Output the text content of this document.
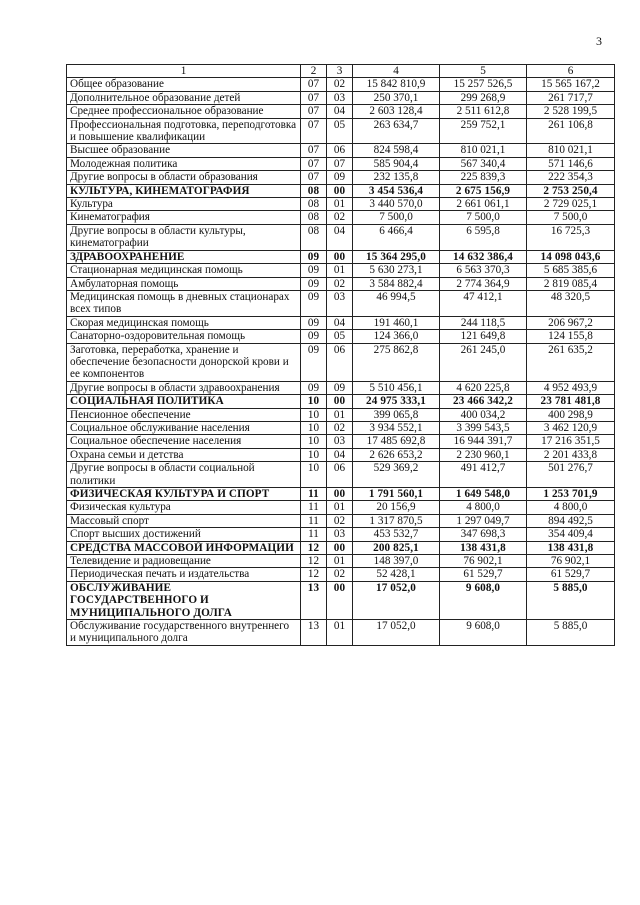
3
1	2	3	4	5	6
Общее образование	07	02	15 842 810,9	15 257 526,5	15 565 167,2
Дополнительное образование детей	07	03	250 370,1	299 268,9	261 717,7
Среднее профессиональное образование	07	04	2 603 128,4	2 511 612,8	2 528 199,5
Профессиональная подготовка, переподготовка и повышение квалификации	07	05	263 634,7	259 752,1	261 106,8
Высшее образование	07	06	824 598,4	810 021,1	810 021,1
Молодежная политика	07	07	585 904,4	567 340,4	571 146,6
Другие вопросы в области образования	07	09	232 135,8	225 839,3	222 354,3
КУЛЬТУРА, КИНЕМАТОГРАФИЯ	08	00	3 454 536,4	2 675 156,9	2 753 250,4
Культура	08	01	3 440 570,0	2 661 061,1	2 729 025,1
Кинематография	08	02	7 500,0	7 500,0	7 500,0
Другие вопросы в области культуры, кинематографии	08	04	6 466,4	6 595,8	16 725,3
ЗДРАВООХРАНЕНИЕ	09	00	15 364 295,0	14 632 386,4	14 098 043,6
Стационарная медицинская помощь	09	01	5 630 273,1	6 563 370,3	5 685 385,6
Амбулаторная помощь	09	02	3 584 882,4	2 774 364,9	2 819 085,4
Медицинская помощь в дневных стационарах всех типов	09	03	46 994,5	47 412,1	48 320,5
Скорая медицинская помощь	09	04	191 460,1	244 118,5	206 967,2
Санаторно-оздоровительная помощь	09	05	124 366,0	121 649,8	124 155,8
Заготовка, переработка, хранение и обеспечение безопасности донорской крови и ее компонентов	09	06	275 862,8	261 245,0	261 635,2
Другие вопросы в области здравоохранения	09	09	5 510 456,1	4 620 225,8	4 952 493,9
СОЦИАЛЬНАЯ ПОЛИТИКА	10	00	24 975 333,1	23 466 342,2	23 781 481,8
Пенсионное обеспечение	10	01	399 065,8	400 034,2	400 298,9
Социальное обслуживание населения	10	02	3 934 552,1	3 399 543,5	3 462 120,9
Социальное обеспечение населения	10	03	17 485 692,8	16 944 391,7	17 216 351,5
Охрана семьи и детства	10	04	2 626 653,2	2 230 960,1	2 201 433,8
Другие вопросы в области социальной политики	10	06	529 369,2	491 412,7	501 276,7
ФИЗИЧЕСКАЯ КУЛЬТУРА И СПОРТ	11	00	1 791 560,1	1 649 548,0	1 253 701,9
Физическая культура	11	01	20 156,9	4 800,0	4 800,0
Массовый спорт	11	02	1 317 870,5	1 297 049,7	894 492,5
Спорт высших достижений	11	03	453 532,7	347 698,3	354 409,4
СРЕДСТВА МАССОВОЙ ИНФОРМАЦИИ	12	00	200 825,1	138 431,8	138 431,8
Телевидение и радиовещание	12	01	148 397,0	76 902,1	76 902,1
Периодическая печать и издательства	12	02	52 428,1	61 529,7	61 529,7
ОБСЛУЖИВАНИЕ ГОСУДАРСТВЕННОГО И МУНИЦИПАЛЬНОГО ДОЛГА	13	00	17 052,0	9 608,0	5 885,0
Обслуживание государственного внутреннего и муниципального долга	13	01	17 052,0	9 608,0	5 885,0
